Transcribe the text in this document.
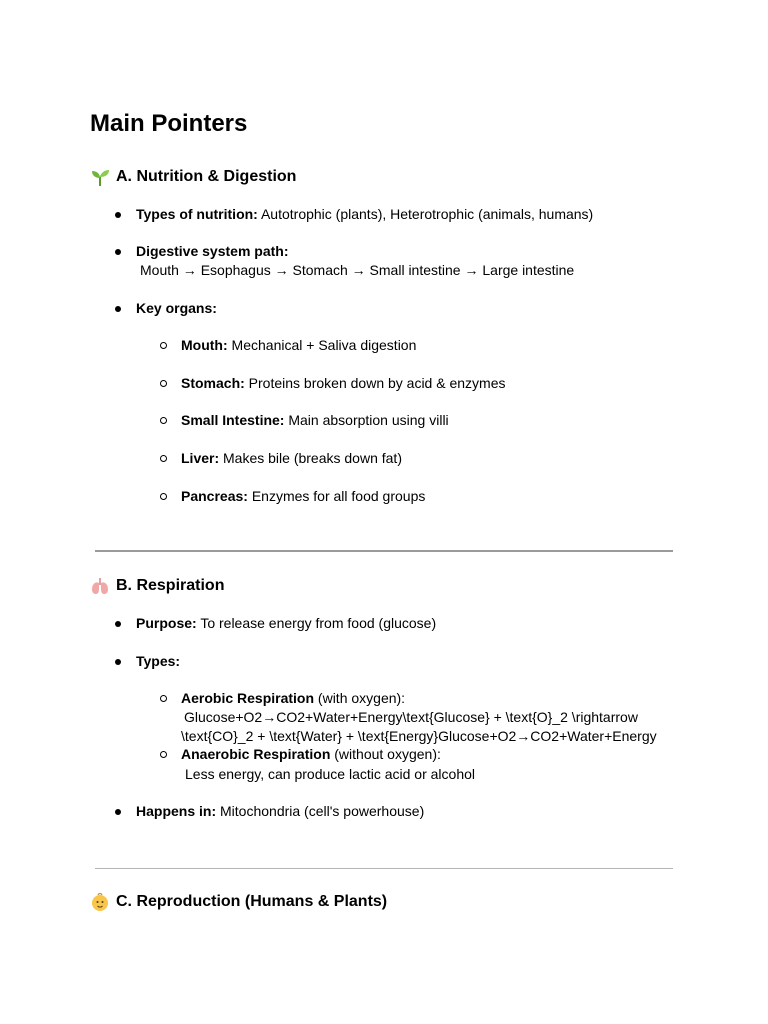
Main Pointers
A. Nutrition & Digestion
Types of nutrition: Autotrophic (plants), Heterotrophic (animals, humans)
Digestive system path:
Mouth → Esophagus → Stomach → Small intestine → Large intestine
Key organs:
Mouth: Mechanical + Saliva digestion
Stomach: Proteins broken down by acid & enzymes
Small Intestine: Main absorption using villi
Liver: Makes bile (breaks down fat)
Pancreas: Enzymes for all food groups
B. Respiration
Purpose: To release energy from food (glucose)
Types:
Aerobic Respiration (with oxygen):
Glucose+O2→CO2+Water+Energy\text{Glucose} + \text{O}_2 \rightarrow
\text{CO}_2 + \text{Water} + \text{Energy}Glucose+O2→CO2+Water+Energy
Anaerobic Respiration (without oxygen):
Less energy, can produce lactic acid or alcohol
Happens in: Mitochondria (cell's powerhouse)
C. Reproduction (Humans & Plants)
